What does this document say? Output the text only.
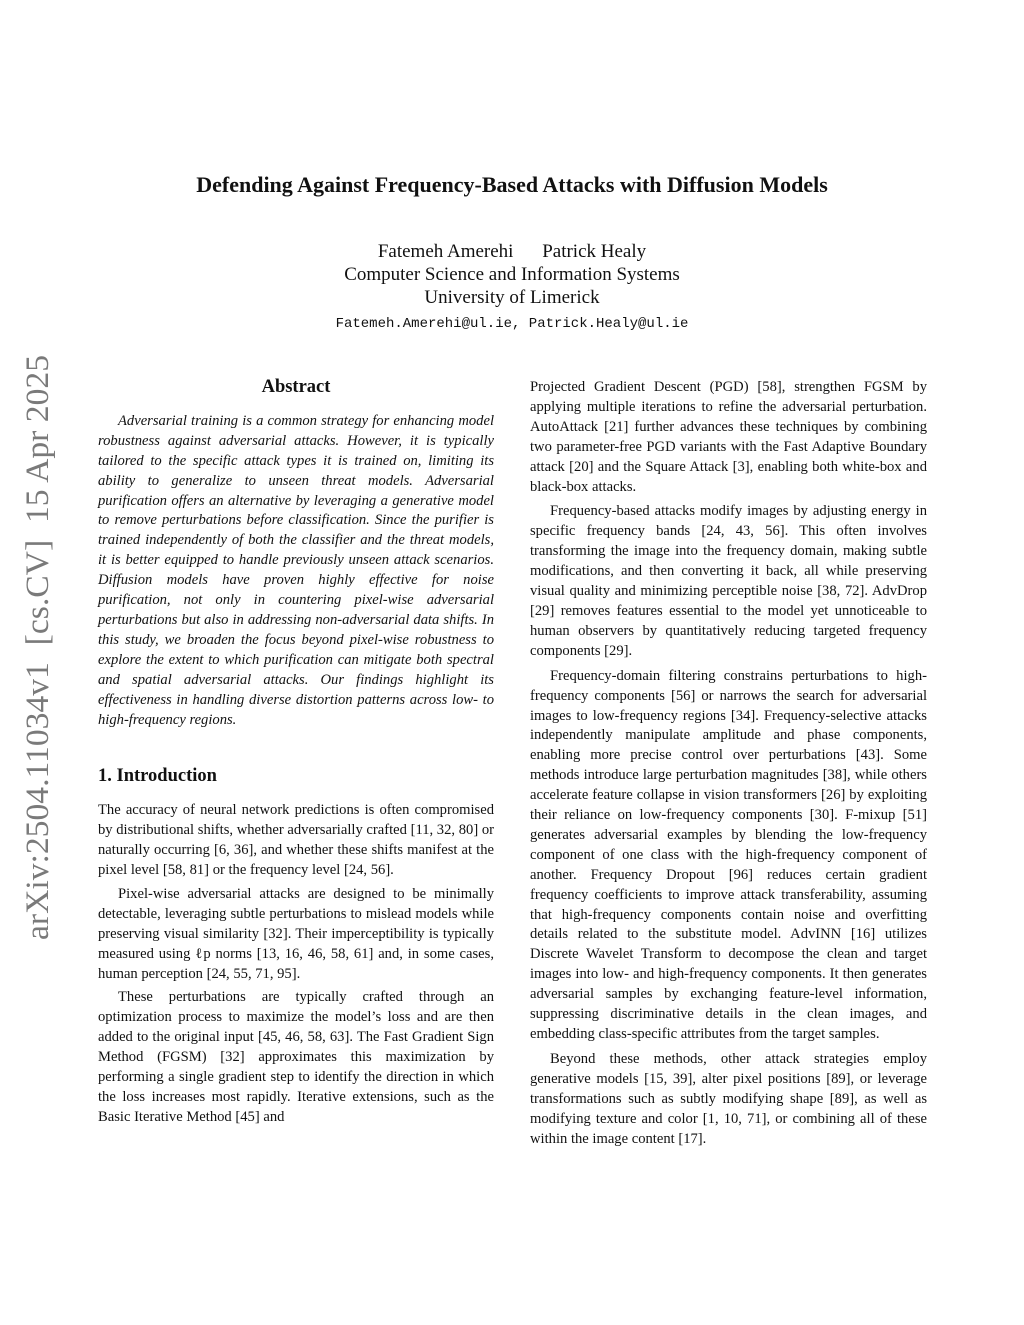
arXiv:2504.11034v1  [cs.CV]  15 Apr 2025
Defending Against Frequency-Based Attacks with Diffusion Models
Fatemeh Amerehi Patrick Healy
Computer Science and Information Systems
University of Limerick
Fatemeh.Amerehi@ul.ie, Patrick.Healy@ul.ie
Abstract

Adversarial training is a common strategy for enhancing model robustness against adversarial attacks. However, it is typically tailored to the specific attack types it is trained on, limiting its ability to generalize to unseen threat models. Adversarial purification offers an alternative by leveraging a generative model to remove perturbations before classification. Since the purifier is trained independently of both the classifier and the threat models, it is better equipped to handle previously unseen attack scenarios. Diffusion models have proven highly effective for noise purification, not only in countering pixel-wise adversarial perturbations but also in addressing non-adversarial data shifts. In this study, we broaden the focus beyond pixel-wise robustness to explore the extent to which purification can mitigate both spectral and spatial adversarial attacks. Our findings highlight its effectiveness in handling diverse distortion patterns across low- to high-frequency regions.

1. Introduction

The accuracy of neural network predictions is often compromised by distributional shifts, whether adversarially crafted [11, 32, 80] or naturally occurring [6, 36], and whether these shifts manifest at the pixel level [58, 81] or the frequency level [24, 56].

Pixel-wise adversarial attacks are designed to be minimally detectable, leveraging subtle perturbations to mislead models while preserving visual similarity [32]. Their imperceptibility is typically measured using ℓp norms [13, 16, 46, 58, 61] and, in some cases, human perception [24, 55, 71, 95].

These perturbations are typically crafted through an optimization process to maximize the model’s loss and are then added to the original input [45, 46, 58, 63]. The Fast Gradient Sign Method (FGSM) [32] approximates this maximization by performing a single gradient step to identify the direction in which the loss increases most rapidly. Iterative extensions, such as the Basic Iterative Method [45] and

Projected Gradient Descent (PGD) [58], strengthen FGSM by applying multiple iterations to refine the adversarial perturbation. AutoAttack [21] further advances these techniques by combining two parameter-free PGD variants with the Fast Adaptive Boundary attack [20] and the Square Attack [3], enabling both white-box and black-box attacks.

Frequency-based attacks modify images by adjusting energy in specific frequency bands [24, 43, 56]. This often involves transforming the image into the frequency domain, making subtle modifications, and then converting it back, all while preserving visual quality and minimizing perceptible noise [38, 72]. AdvDrop [29] removes features essential to the model yet unnoticeable to human observers by quantitatively reducing targeted frequency components [29].

Frequency-domain filtering constrains perturbations to high-frequency components [56] or narrows the search for adversarial images to low-frequency regions [34]. Frequency-selective attacks independently manipulate amplitude and phase components, enabling more precise control over perturbations [43]. Some methods introduce large perturbation magnitudes [38], while others accelerate feature collapse in vision transformers [26] by exploiting their reliance on low-frequency components [30]. F-mixup [51] generates adversarial examples by blending the low-frequency component of one class with the high-frequency component of another. Frequency Dropout [96] reduces certain gradient frequency coefficients to improve attack transferability, assuming that high-frequency components contain noise and overfitting details related to the substitute model. AdvINN [16] utilizes Discrete Wavelet Transform to decompose the clean and target images into low- and high-frequency components. It then generates adversarial samples by exchanging feature-level information, suppressing discriminative details in the clean images, and embedding class-specific attributes from the target samples.

Beyond these methods, other attack strategies employ generative models [15, 39], alter pixel positions [89], or leverage transformations such as subtly modifying shape [89], as well as modifying texture and color [1, 10, 71], or combining all of these within the image content [17].
